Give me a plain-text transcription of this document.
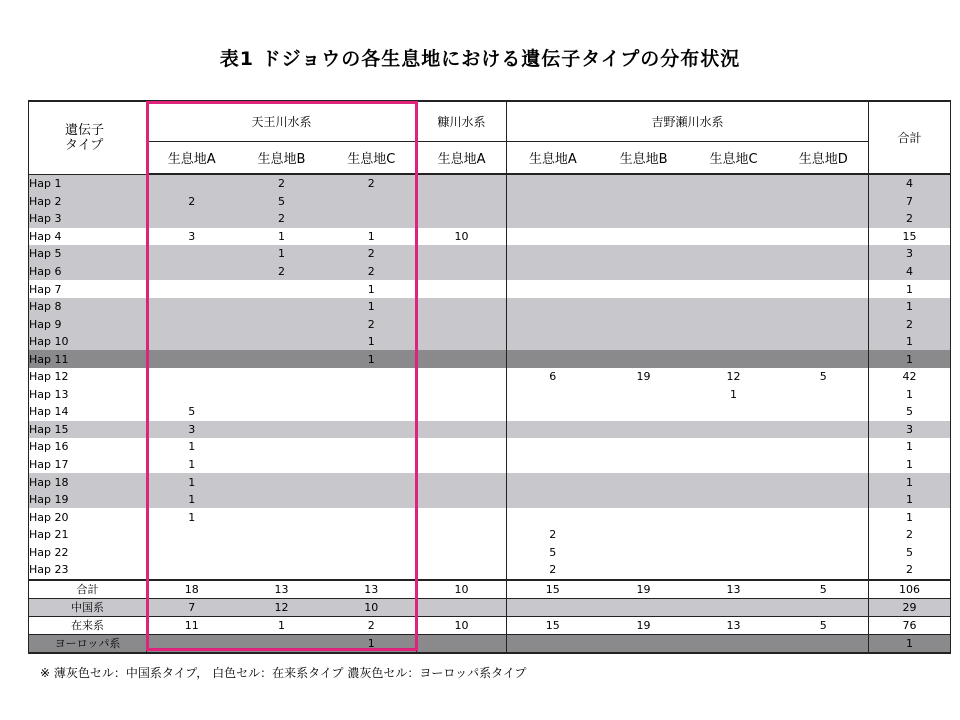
表1 ドジョウの各生息地における遺伝子タイプの分布状況
遺伝子
タイプ	天王川水系			糠川水系	吉野瀬川水系				合計
	生息地A	生息地B	生息地C	生息地A	生息地A	生息地B	生息地C	生息地D	
Hap 1		2	2						4
Hap 2	2	5							7
Hap 3		2							2
Hap 4	3	1	1	10					15
Hap 5		1	2						3
Hap 6		2	2						4
Hap 7			1						1
Hap 8			1						1
Hap 9			2						2
Hap 10			1						1
Hap 11			1						1
Hap 12					6	19	12	5	42
Hap 13							1		1
Hap 14	5								5
Hap 15	3								3
Hap 16	1								1
Hap 17	1								1
Hap 18	1								1
Hap 19	1								1
Hap 20	1								1
Hap 21					2				2
Hap 22					5				5
Hap 23					2				2
合計	18	13	13	10	15	19	13	5	106
中国系	7	12	10						29
在来系	11	1	2	10	15	19	13	5	76
ヨーロッパ系			1						1
※ 薄灰色セル：中国系タイプ， 白色セル：在来系タイプ 濃灰色セル：ヨーロッパ系タイプ
